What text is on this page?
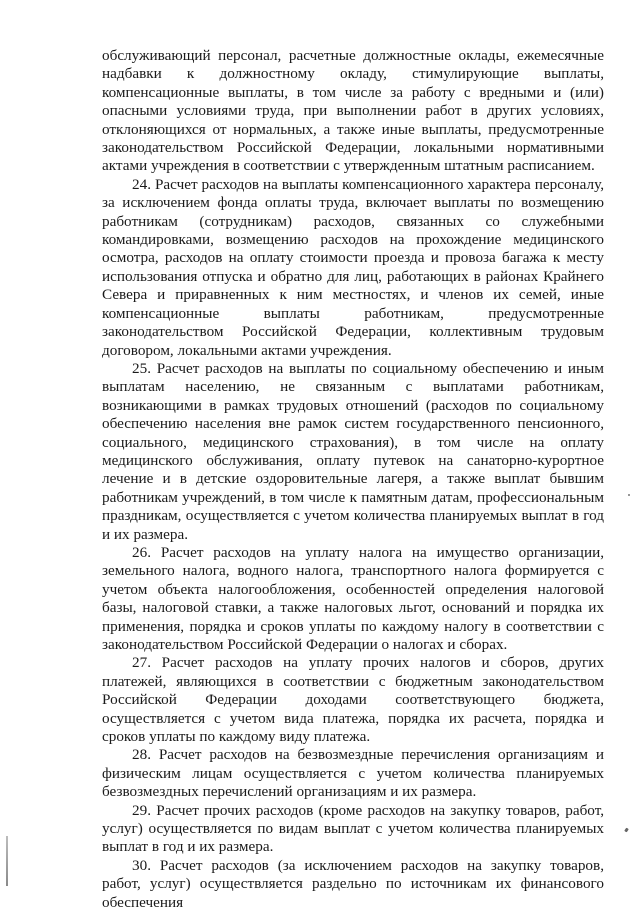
обслуживающий персонал, расчетные должностные оклады, ежемесячные надбавки к должностному окладу, стимулирующие выплаты, компенсационные выплаты, в том числе за работу с вредными и (или) опасными условиями труда, при выполнении работ в других условиях, отклоняющихся от нормальных, а также иные выплаты, предусмотренные законодательством Российской Федерации, локальными нормативными актами учреждения в соответствии с утвержденным штатным расписанием.

24. Расчет расходов на выплаты компенсационного характера персоналу, за исключением фонда оплаты труда, включает выплаты по возмещению работникам (сотрудникам) расходов, связанных со служебными командировками, возмещению расходов на прохождение медицинского осмотра, расходов на оплату стоимости проезда и провоза багажа к месту использования отпуска и обратно для лиц, работающих в районах Крайнего Севера и приравненных к ним местностях, и членов их семей, иные компенсационные выплаты работникам, предусмотренные законодательством Российской Федерации, коллективным трудовым договором, локальными актами учреждения.

25. Расчет расходов на выплаты по социальному обеспечению и иным выплатам населению, не связанным с выплатами работникам, возникающими в рамках трудовых отношений (расходов по социальному обеспечению населения вне рамок систем государственного пенсионного, социального, медицинского страхования), в том числе на оплату медицинского обслуживания, оплату путевок на санаторно-курортное лечение и в детские оздоровительные лагеря, а также выплат бывшим работникам учреждений, в том числе к памятным датам, профессиональным праздникам, осуществляется с учетом количества планируемых выплат в год и их размера.

26. Расчет расходов на уплату налога на имущество организации, земельного налога, водного налога, транспортного налога формируется с учетом объекта налогообложения, особенностей определения налоговой базы, налоговой ставки, а также налоговых льгот, оснований и порядка их применения, порядка и сроков уплаты по каждому налогу в соответствии с законодательством Российской Федерации о налогах и сборах.

27. Расчет расходов на уплату прочих налогов и сборов, других платежей, являющихся в соответствии с бюджетным законодательством Российской Федерации доходами соответствующего бюджета, осуществляется с учетом вида платежа, порядка их расчета, порядка и сроков уплаты по каждому виду платежа.

28. Расчет расходов на безвозмездные перечисления организациям и физическим лицам осуществляется с учетом количества планируемых безвозмездных перечислений организациям и их размера.

29. Расчет прочих расходов (кроме расходов на закупку товаров, работ, услуг) осуществляется по видам выплат с учетом количества планируемых выплат в год и их размера.

30. Расчет расходов (за исключением расходов на закупку товаров, работ, услуг) осуществляется раздельно по источникам их финансового обеспечения
